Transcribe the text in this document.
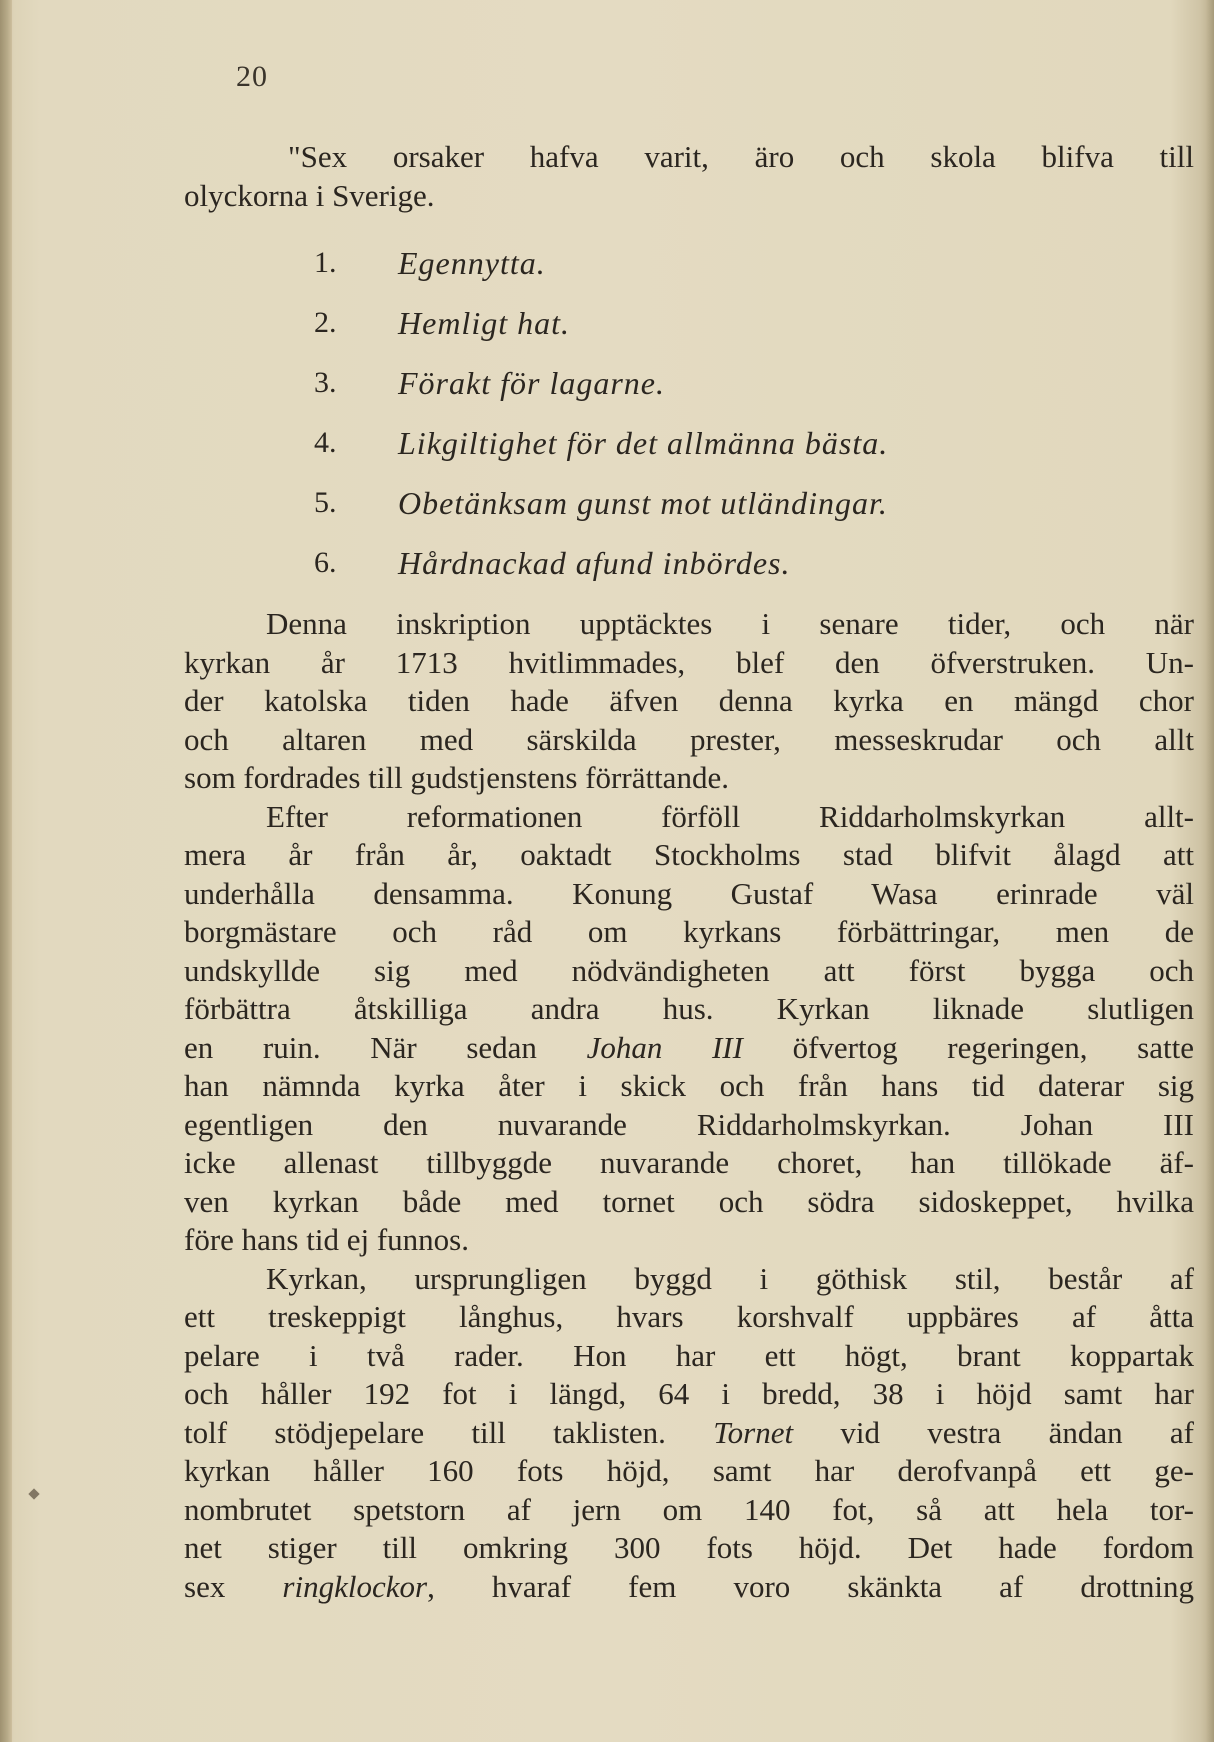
20
"Sex orsaker hafva varit, äro och skola blifva till
olyckorna i Sverige.
1.	Egennytta.
2.	Hemligt hat.
3.	Förakt för lagarne.
4.	Likgiltighet för det allmänna bästa.
5.	Obetänksam gunst mot utländingar.
6.	Hårdnackad afund inbördes.
Denna inskription upptäcktes i senare tider, och när
kyrkan år 1713 hvitlimmades, blef den öfverstruken. Un-
der katolska tiden hade äfven denna kyrka en mängd chor
och altaren med särskilda prester, messeskrudar och allt
som fordrades till gudstjenstens förrättande.
Efter reformationen förföll Riddarholmskyrkan allt-
mera år från år, oaktadt Stockholms stad blifvit ålagd att
underhålla densamma. Konung Gustaf Wasa erinrade väl
borgmästare och råd om kyrkans förbättringar, men de
undskyllde sig med nödvändigheten att först bygga och
förbättra åtskilliga andra hus. Kyrkan liknade slutligen
en ruin. När sedan Johan III öfvertog regeringen, satte
han nämnda kyrka åter i skick och från hans tid daterar sig
egentligen den nuvarande Riddarholmskyrkan. Johan III
icke allenast tillbyggde nuvarande choret, han tillökade äf-
ven kyrkan både med tornet och södra sidoskeppet, hvilka
före hans tid ej funnos.
Kyrkan, ursprungligen byggd i göthisk stil, består af
ett treskeppigt långhus, hvars korshvalf uppbäres af åtta
pelare i två rader. Hon har ett högt, brant koppartak
och håller 192 fot i längd, 64 i bredd, 38 i höjd samt har
tolf stödjepelare till taklisten. Tornet vid vestra ändan af
kyrkan håller 160 fots höjd, samt har derofvanpå ett ge-
nombrutet spetstorn af jern om 140 fot, så att hela tor-
net stiger till omkring 300 fots höjd. Det hade fordom
sex ringklockor, hvaraf fem voro skänkta af drottning
